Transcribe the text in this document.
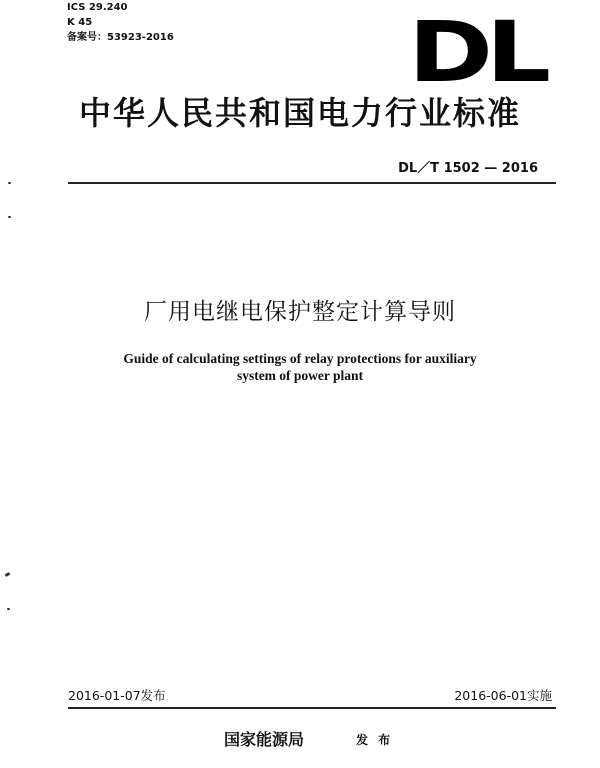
ICS 29.240
K 45
备案号：53923-2016	DL
中华人民共和国电力行业标准
DL／T 1502 — 2016
厂用电继电保护整定计算导则
Guide of calculating settings of relay protections for auxiliary
system of power plant
2016-01-07发布	2016-06-01实施
国家能源局	发 布
